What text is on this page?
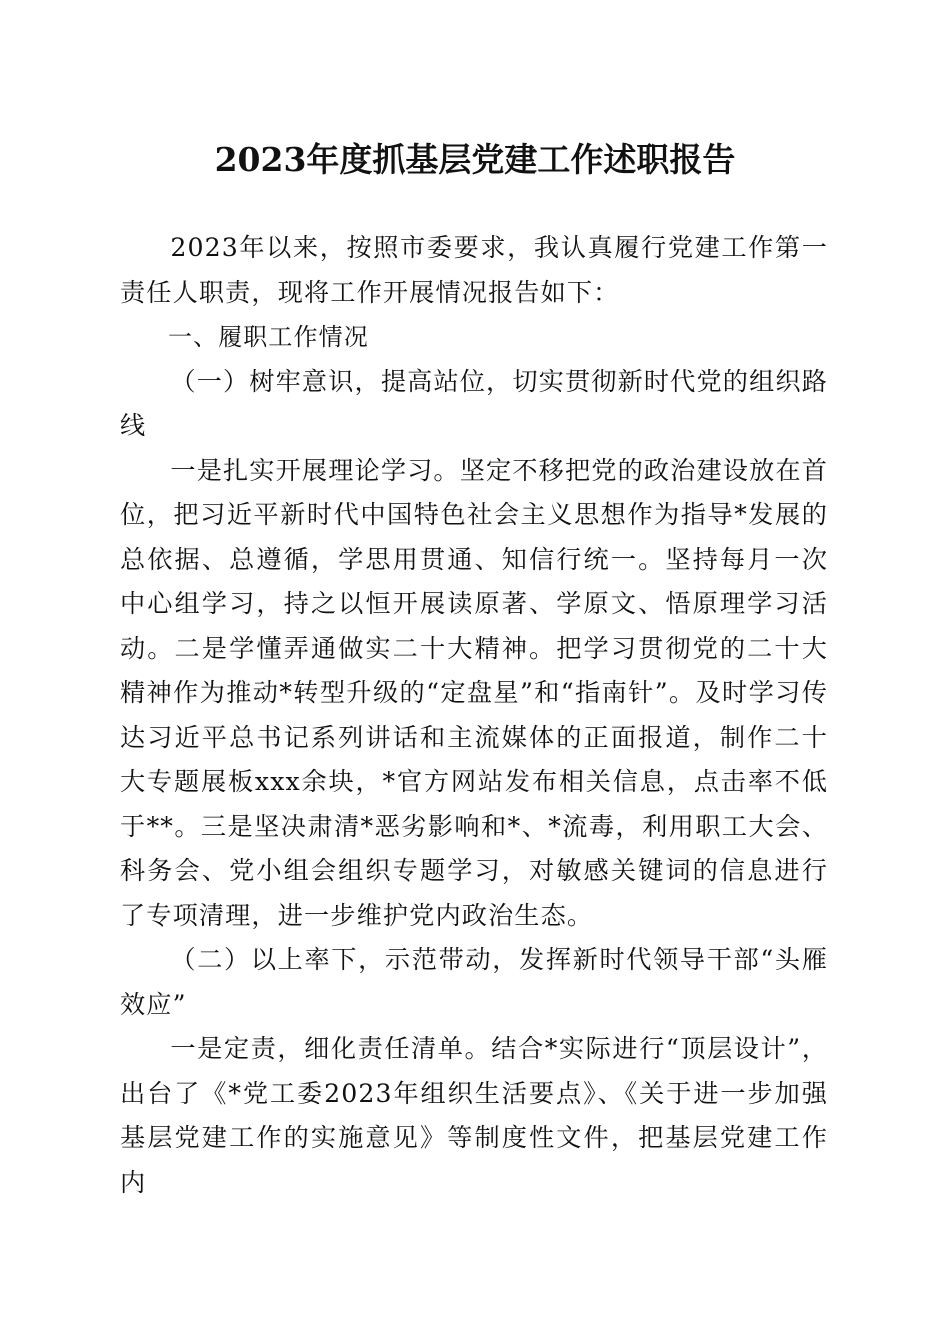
2023年度抓基层党建工作述职报告

2023年以来，按照市委要求，我认真履行党建工作第一责任人职责，现将工作开展情况报告如下：

一、履职工作情况

（一）树牢意识，提高站位，切实贯彻新时代党的组织路线

一是扎实开展理论学习。坚定不移把党的政治建设放在首位，把习近平新时代中国特色社会主义思想作为指导*发展的总依据、总遵循，学思用贯通、知信行统一。坚持每月一次中心组学习，持之以恒开展读原著、学原文、悟原理学习活动。二是学懂弄通做实二十大精神。把学习贯彻党的二十大精神作为推动*转型升级的“定盘星”和“指南针”。及时学习传达习近平总书记系列讲话和主流媒体的正面报道，制作二十大专题展板xxx余块，*官方网站发布相关信息，点击率不低于**。三是坚决肃清*恶劣影响和*、*流毒，利用职工大会、科务会、党小组会组织专题学习，对敏感关键词的信息进行了专项清理，进一步维护党内政治生态。

（二）以上率下，示范带动，发挥新时代领导干部“头雁效应”

一是定责，细化责任清单。结合*实际进行“顶层设计”，出台了《*党工委2023年组织生活要点》、《关于进一步加强基层党建工作的实施意见》等制度性文件，把基层党建工作内
